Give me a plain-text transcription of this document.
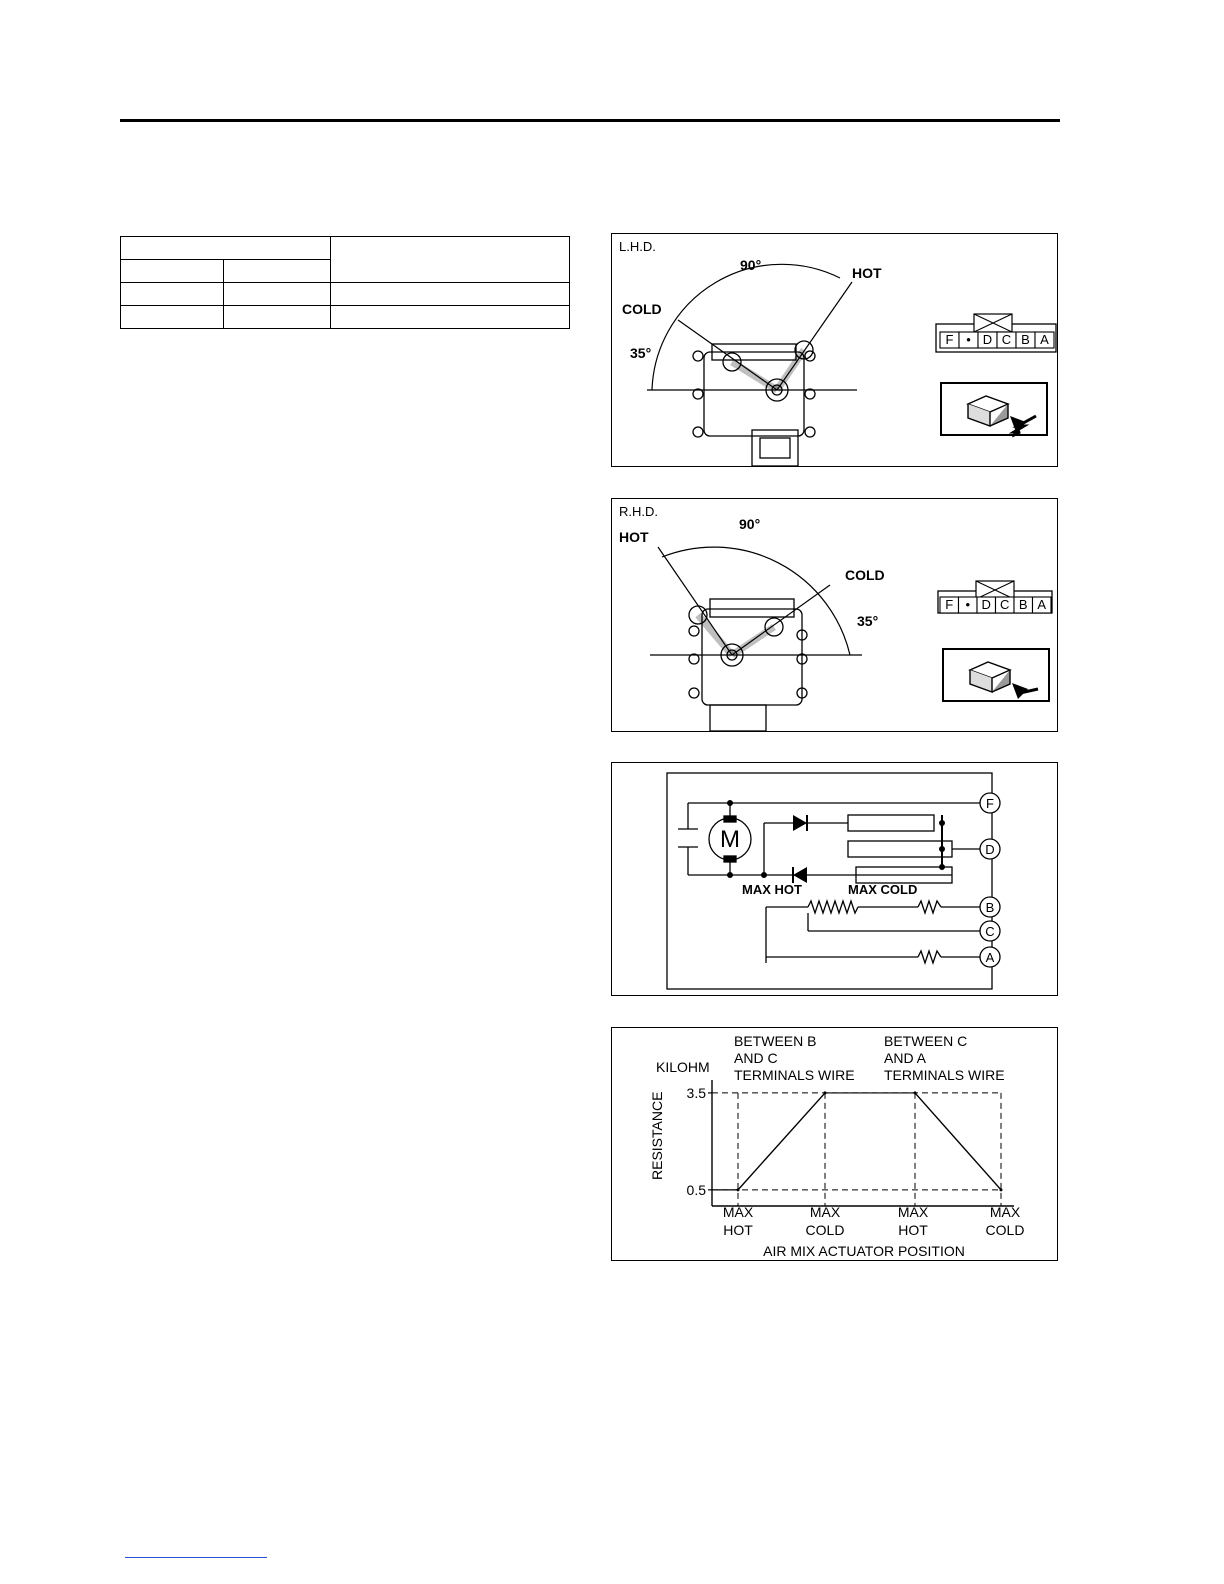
L.H.D.
90°	HOT
COLD
35°
F • D C B A
R.H.D.
90°
HOT
COLD
35°
F • D C B A
M
MAX HOT	MAX COLD
F
D
B
C
A
KILOHM
RESISTANCE
AIR MIX ACTUATOR POSITION
BETWEEN B
AND C
TERMINALS WIRE
BETWEEN C
AND A
TERMINALS WIRE
3.5
0.5
MAX
HOT
MAX
COLD
MAX
HOT
MAX
COLD
